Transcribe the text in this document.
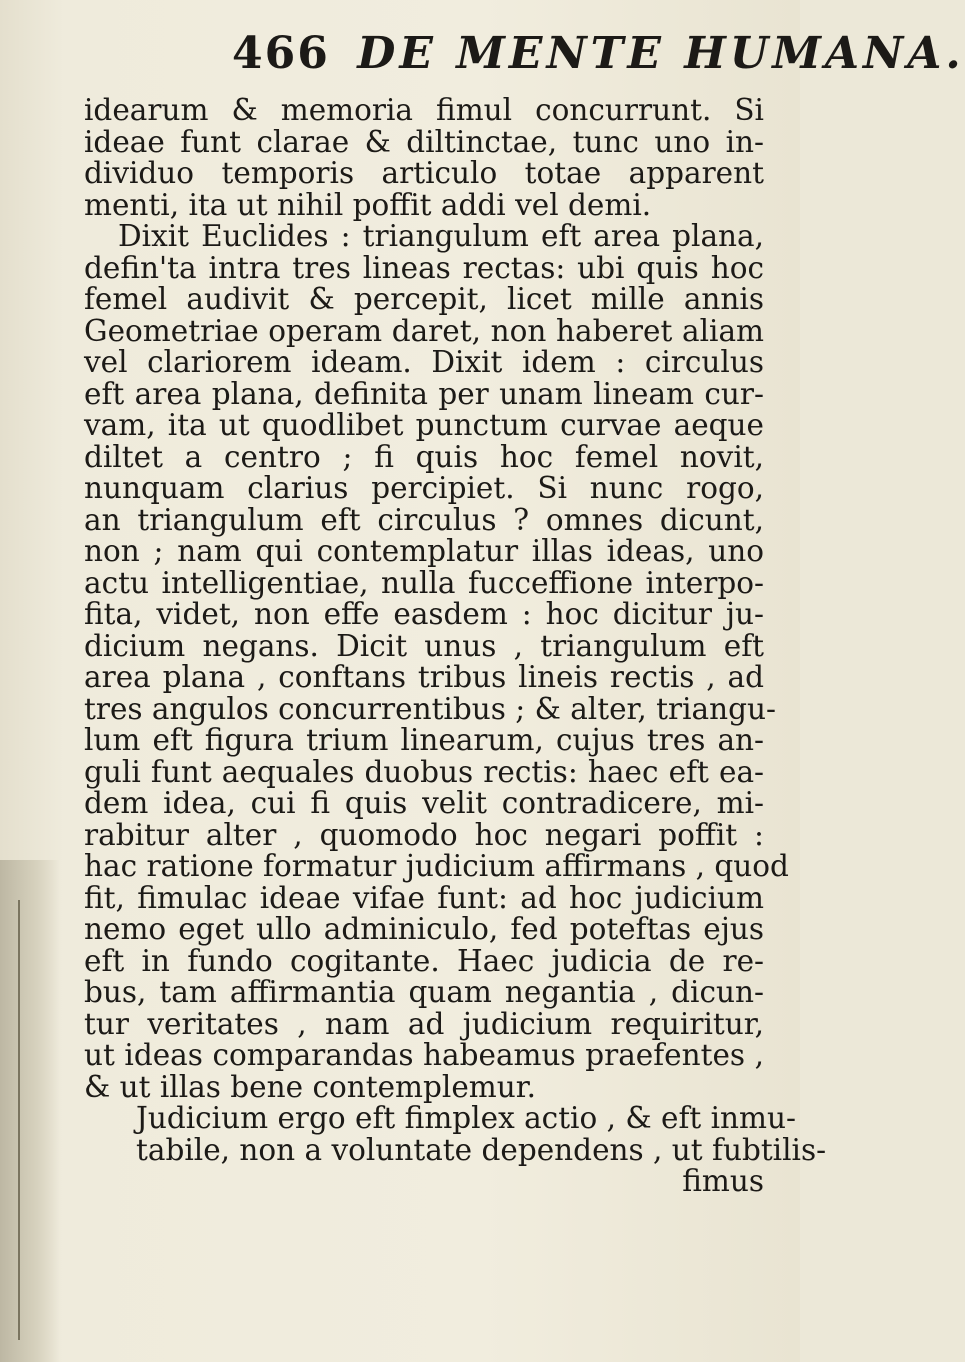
466 DE MENTE HUMANA.
idearum & memoria fimul concurrunt. Si
ideae funt clarae & diltinctae, tunc uno in-
dividuo temporis articulo totae apparent
menti, ita ut nihil poffit addi vel demi.
Dixit Euclides : triangulum eft area plana,
defin'ta intra tres lineas rectas: ubi quis hoc
femel audivit & percepit, licet mille annis
Geometriae operam daret, non haberet aliam
vel clariorem ideam. Dixit idem : circulus
eft area plana, definita per unam lineam cur-
vam, ita ut quodlibet punctum curvae aeque
diltet a centro ; fi quis hoc femel novit,
nunquam clarius percipiet. Si nunc rogo,
an triangulum eft circulus ? omnes dicunt,
non ; nam qui contemplatur illas ideas, uno
actu intelligentiae, nulla fucceffione interpo-
fita, videt, non effe easdem : hoc dicitur ju-
dicium negans. Dicit unus , triangulum eft
area plana , conftans tribus lineis rectis , ad
tres angulos concurrentibus ; & alter, triangu-
lum eft figura trium linearum, cujus tres an-
guli funt aequales duobus rectis: haec eft ea-
dem idea, cui fi quis velit contradicere, mi-
rabitur alter , quomodo hoc negari poffit :
hac ratione formatur judicium affirmans , quod
fit, fimulac ideae vifae funt: ad hoc judicium
nemo eget ullo adminiculo, fed poteftas ejus
eft in fundo cogitante. Haec judicia de re-
bus, tam affirmantia quam negantia , dicun-
tur veritates , nam ad judicium requiritur,
ut ideas comparandas habeamus praefentes ,
& ut illas bene contemplemur.
Judicium ergo eft fimplex actio , & eft inmu-
tabile, non a voluntate dependens , ut fubtilis-
fimus
